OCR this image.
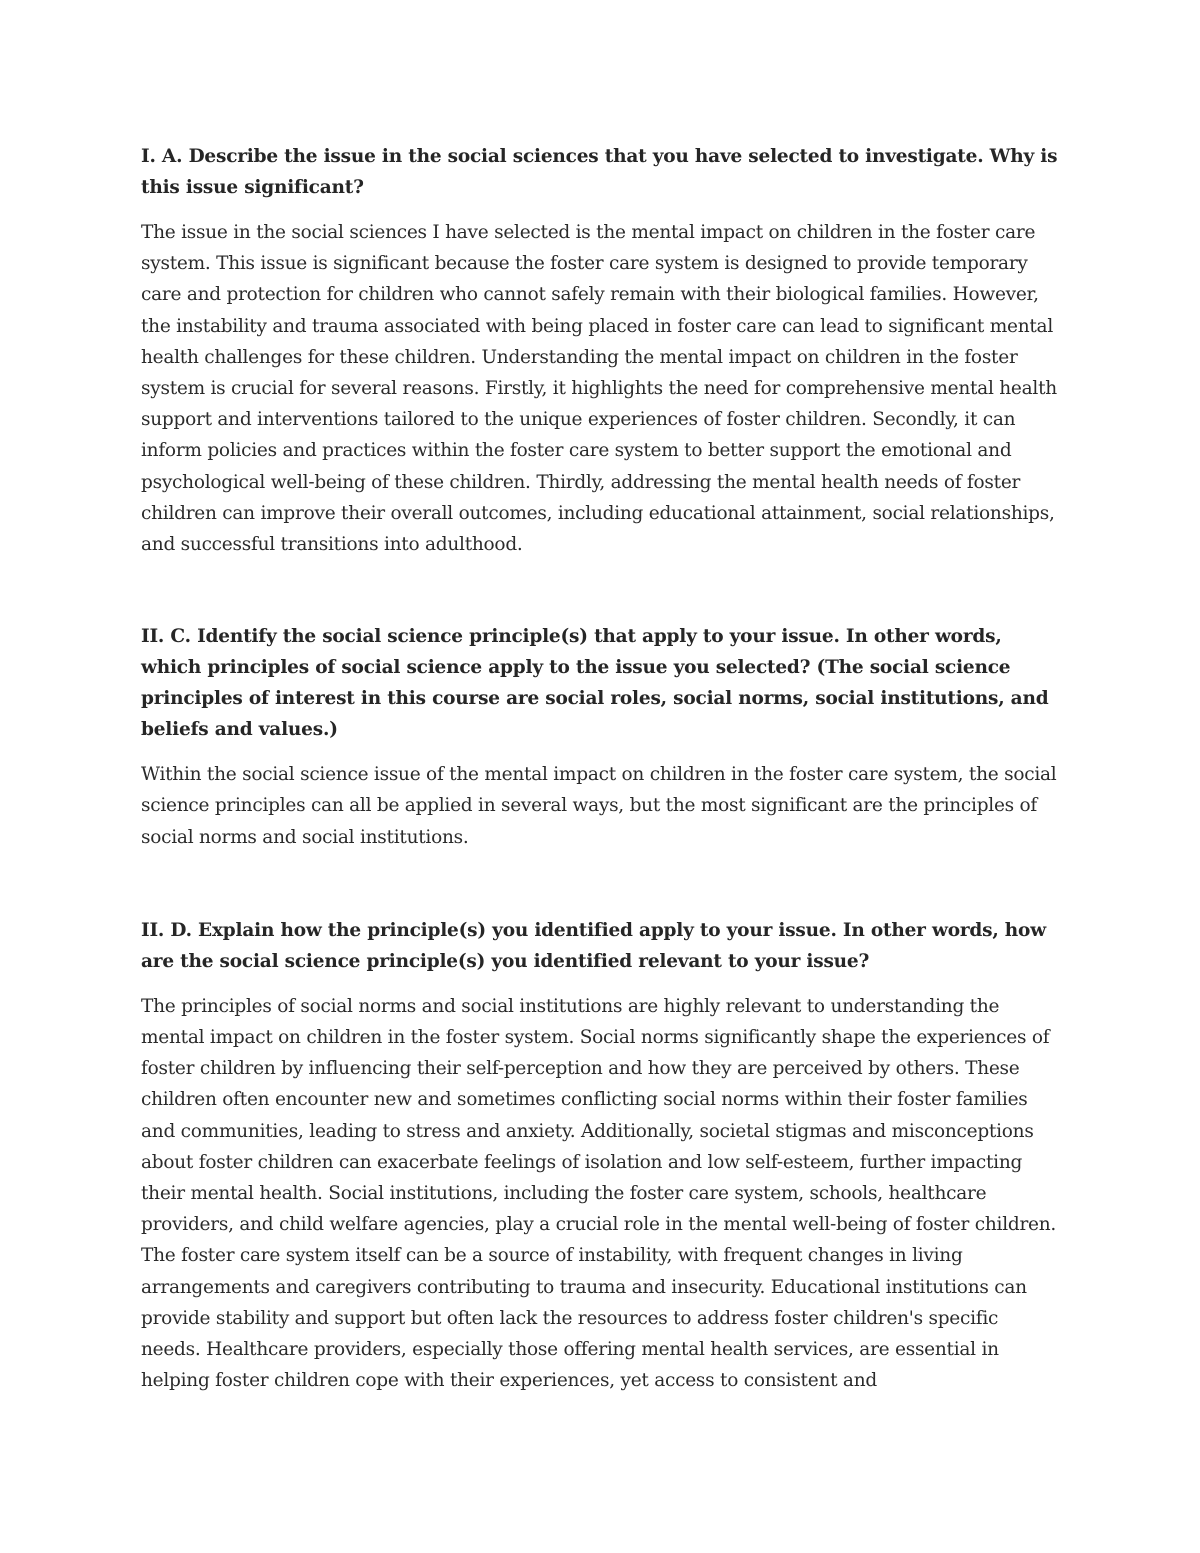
I. A. Describe the issue in the social sciences that you have selected to investigate. Why is this issue significant?

The issue in the social sciences I have selected is the mental impact on children in the foster care system. This issue is significant because the foster care system is designed to provide temporary care and protection for children who cannot safely remain with their biological families. However, the instability and trauma associated with being placed in foster care can lead to significant mental health challenges for these children. Understanding the mental impact on children in the foster system is crucial for several reasons. Firstly, it highlights the need for comprehensive mental health support and interventions tailored to the unique experiences of foster children. Secondly, it can inform policies and practices within the foster care system to better support the emotional and psychological well-being of these children. Thirdly, addressing the mental health needs of foster children can improve their overall outcomes, including educational attainment, social relationships, and successful transitions into adulthood.

II. C. Identify the social science principle(s) that apply to your issue. In other words, which principles of social science apply to the issue you selected? (The social science principles of interest in this course are social roles, social norms, social institutions, and beliefs and values.)

Within the social science issue of the mental impact on children in the foster care system, the social science principles can all be applied in several ways, but the most significant are the principles of social norms and social institutions.

II. D. Explain how the principle(s) you identified apply to your issue. In other words, how are the social science principle(s) you identified relevant to your issue?

The principles of social norms and social institutions are highly relevant to understanding the mental impact on children in the foster system. Social norms significantly shape the experiences of foster children by influencing their self-perception and how they are perceived by others. These children often encounter new and sometimes conflicting social norms within their foster families and communities, leading to stress and anxiety. Additionally, societal stigmas and misconceptions about foster children can exacerbate feelings of isolation and low self-esteem, further impacting their mental health. Social institutions, including the foster care system, schools, healthcare providers, and child welfare agencies, play a crucial role in the mental well-being of foster children. The foster care system itself can be a source of instability, with frequent changes in living arrangements and caregivers contributing to trauma and insecurity. Educational institutions can provide stability and support but often lack the resources to address foster children's specific needs. Healthcare providers, especially those offering mental health services, are essential in helping foster children cope with their experiences, yet access to consistent and
